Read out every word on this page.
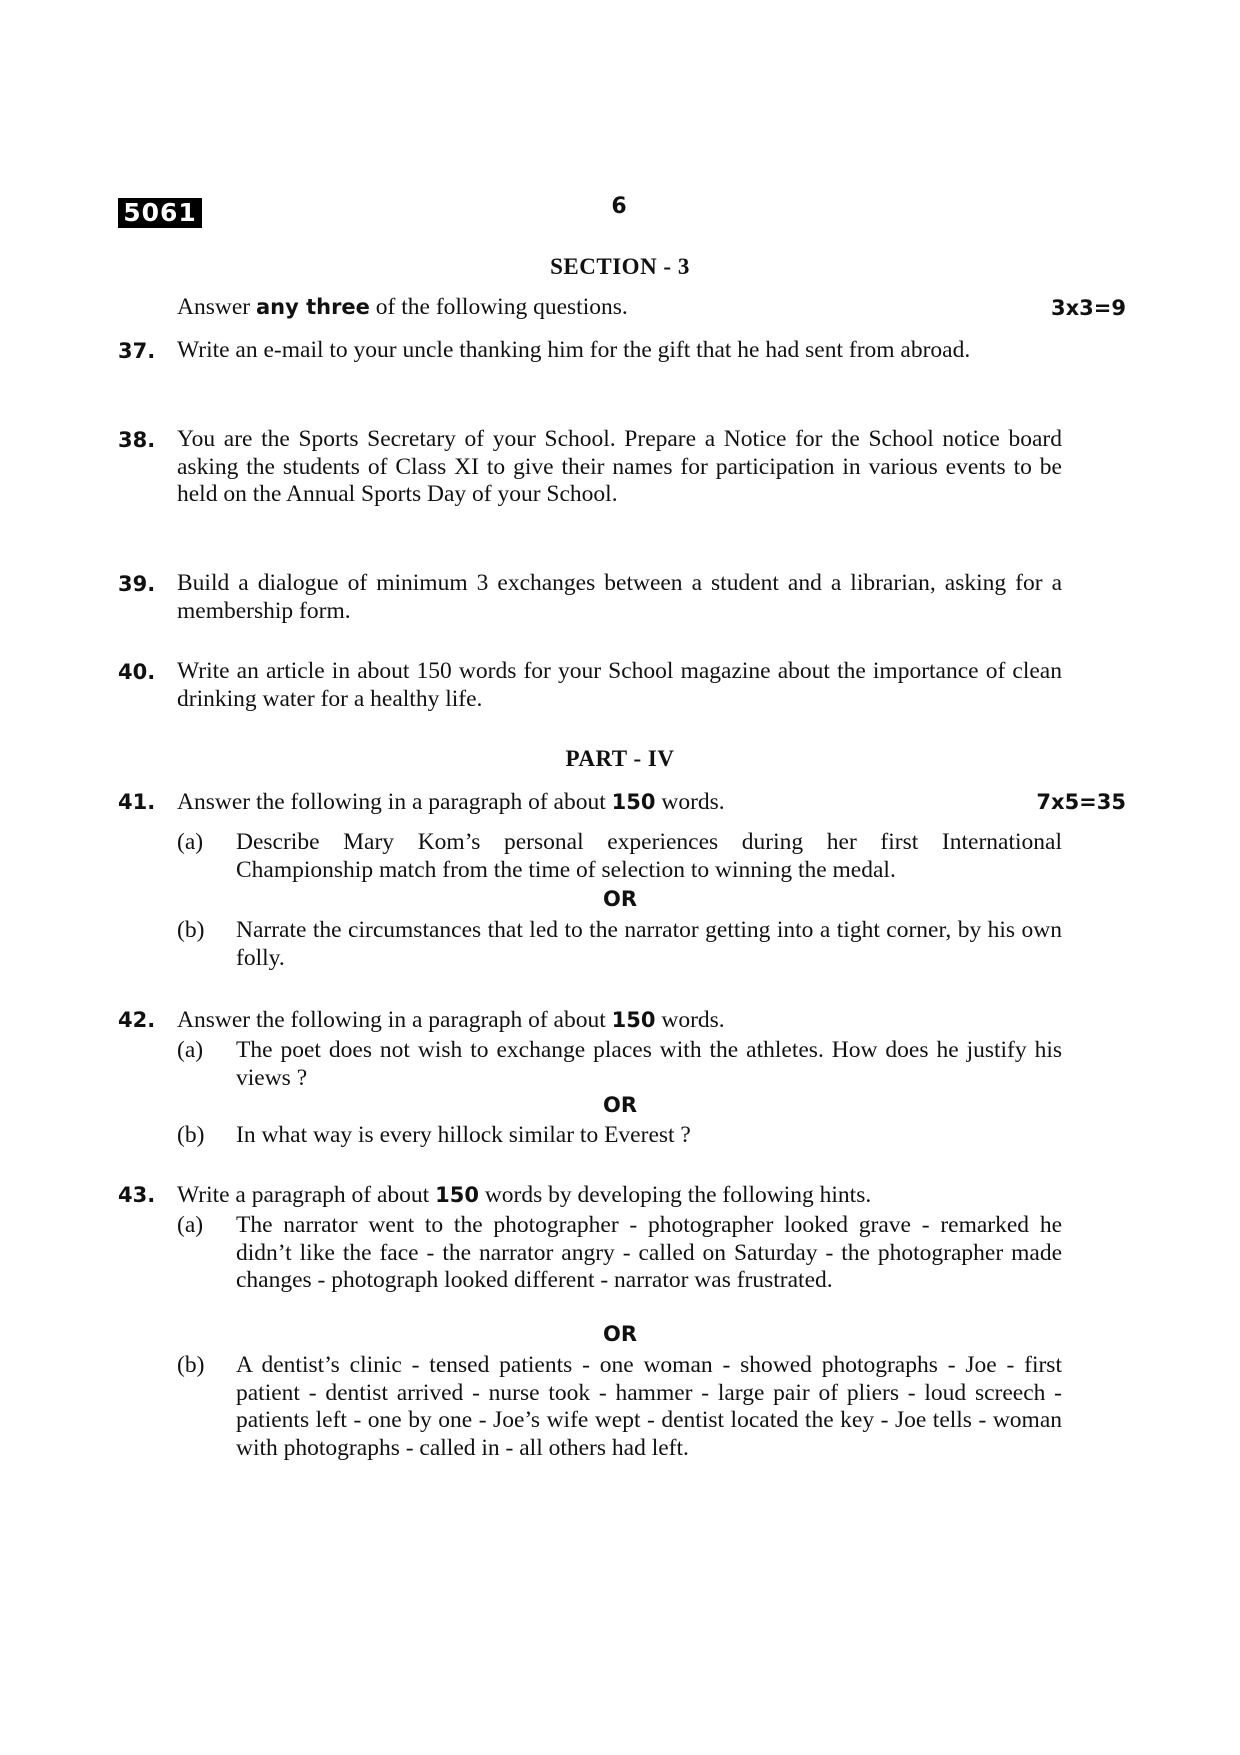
5061	6
SECTION - 3
Answer any three of the following questions.	3x3=9
37. Write an e-mail to your uncle thanking him for the gift that he had sent from abroad.
38. You are the Sports Secretary of your School. Prepare a Notice for the School notice board asking the students of Class XI to give their names for participation in various events to be held on the Annual Sports Day of your School.
39. Build a dialogue of minimum 3 exchanges between a student and a librarian, asking for a membership form.
40. Write an article in about 150 words for your School magazine about the importance of clean drinking water for a healthy life.
PART - IV
41. Answer the following in a paragraph of about 150 words.	7x5=35
(a) Describe Mary Kom’s personal experiences during her first International Championship match from the time of selection to winning the medal.
OR
(b) Narrate the circumstances that led to the narrator getting into a tight corner, by his own folly.
42. Answer the following in a paragraph of about 150 words.
(a) The poet does not wish to exchange places with the athletes. How does he justify his views ?
OR
(b) In what way is every hillock similar to Everest ?
43. Write a paragraph of about 150 words by developing the following hints.
(a) The narrator went to the photographer - photographer looked grave - remarked he didn’t like the face - the narrator angry - called on Saturday - the photographer made changes - photograph looked different - narrator was frustrated.
OR
(b) A dentist’s clinic - tensed patients - one woman - showed photographs - Joe - first patient - dentist arrived - nurse took - hammer - large pair of pliers - loud screech - patients left - one by one - Joe’s wife wept - dentist located the key - Joe tells - woman with photographs - called in - all others had left.
